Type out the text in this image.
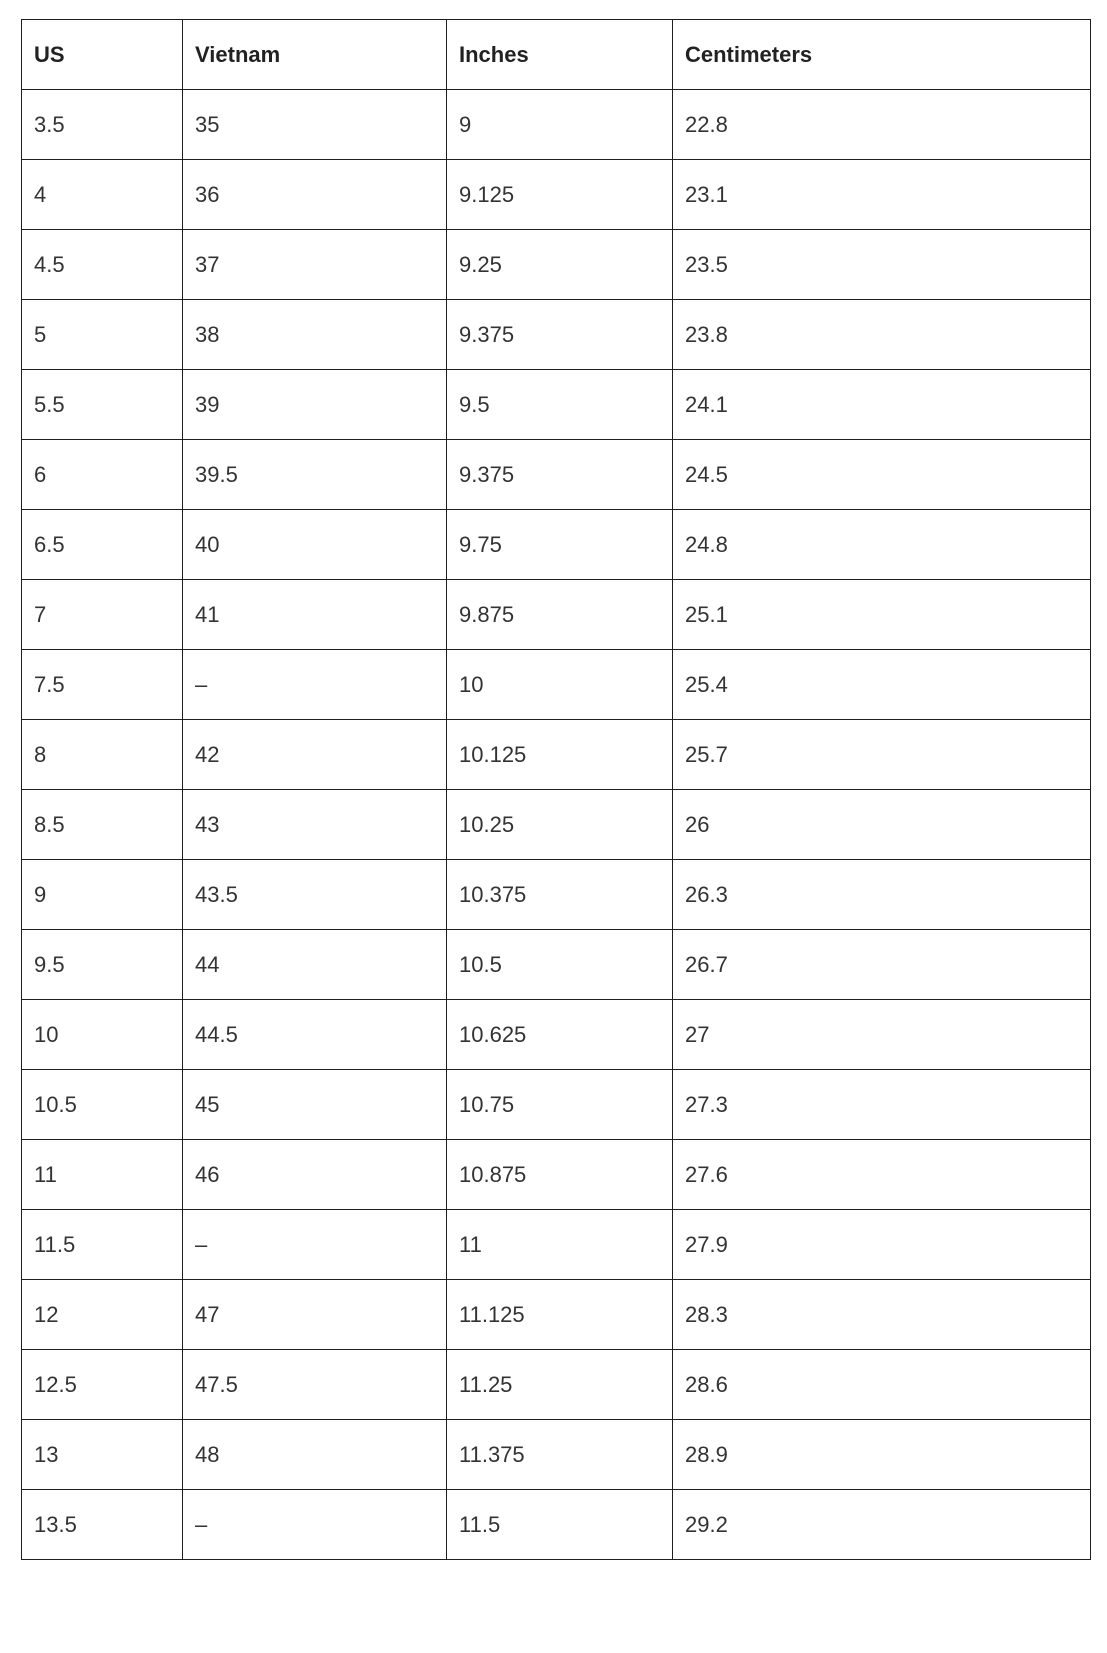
US	Vietnam	Inches	Centimeters
3.5	35	9	22.8
4	36	9.125	23.1
4.5	37	9.25	23.5
5	38	9.375	23.8
5.5	39	9.5	24.1
6	39.5	9.375	24.5
6.5	40	9.75	24.8
7	41	9.875	25.1
7.5	–	10	25.4
8	42	10.125	25.7
8.5	43	10.25	26
9	43.5	10.375	26.3
9.5	44	10.5	26.7
10	44.5	10.625	27
10.5	45	10.75	27.3
11	46	10.875	27.6
11.5	–	11	27.9
12	47	11.125	28.3
12.5	47.5	11.25	28.6
13	48	11.375	28.9
13.5	–	11.5	29.2
